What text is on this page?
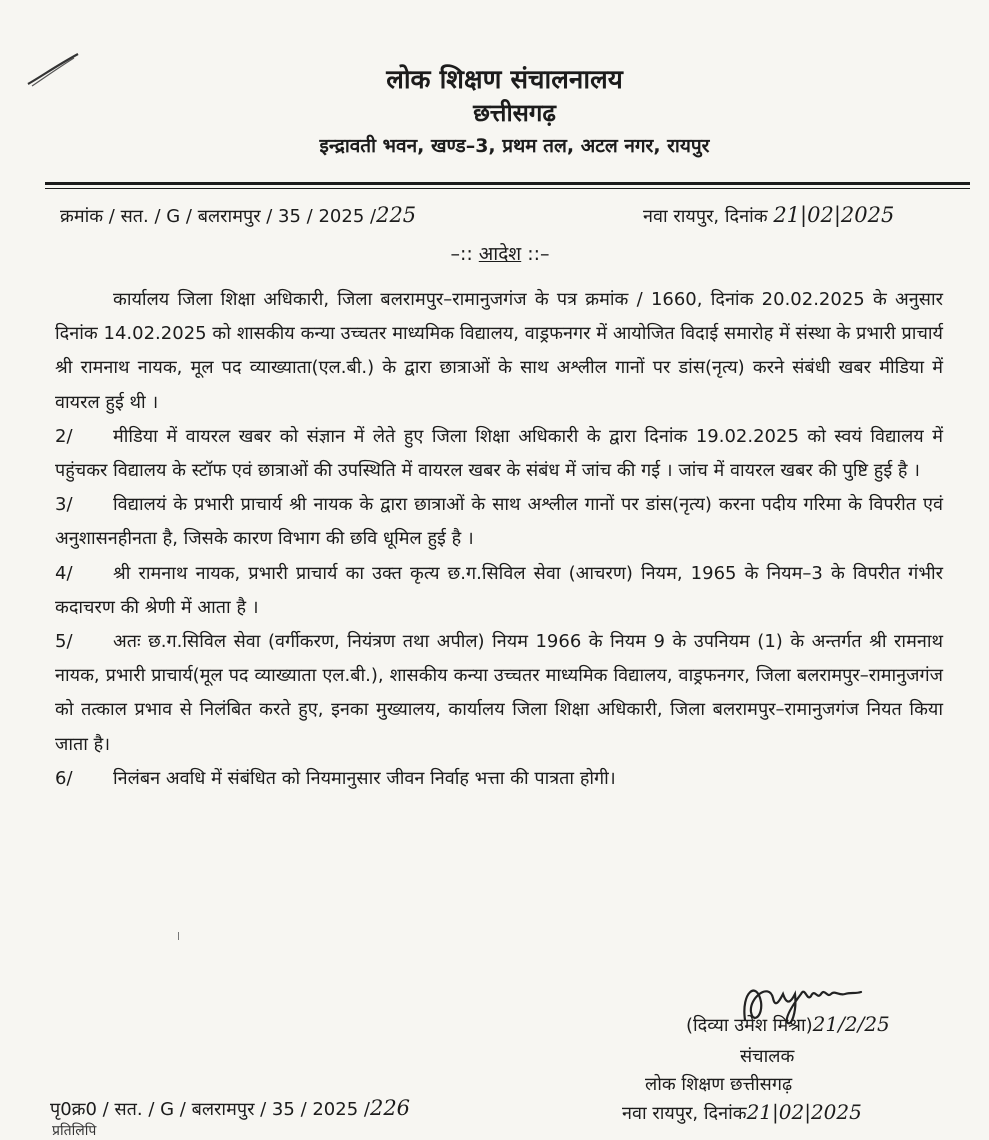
लोक शिक्षण संचालनालय
छत्तीसगढ़
इन्द्रावती भवन, खण्ड–3, प्रथम तल, अटल नगर, रायपुर
क्रमांक / सत. / G / बलरामपुर / 35 / 2025 /225	नवा रायपुर, दिनांक 21|02|2025
–:: आदेश ::–

कार्यालय जिला शिक्षा अधिकारी, जिला बलरामपुर–रामानुजगंज के पत्र क्रमांक / 1660, दिनांक 20.02.2025 के अनुसार दिनांक 14.02.2025 को शासकीय कन्या उच्चतर माध्यमिक विद्यालय, वाड्रफनगर में आयोजित विदाई समारोह में संस्था के प्रभारी प्राचार्य श्री रामनाथ नायक, मूल पद व्याख्याता(एल.बी.) के द्वारा छात्राओं के साथ अश्लील गानों पर डांस(नृत्य) करने संबंधी खबर मीडिया में वायरल हुई थी ।

2/ मीडिया में वायरल खबर को संज्ञान में लेते हुए जिला शिक्षा अधिकारी के द्वारा दिनांक 19.02.2025 को स्वयं विद्यालय में पहुंचकर विद्यालय के स्टॉफ एवं छात्राओं की उपस्थिति में वायरल खबर के संबंध में जांच की गई । जांच में वायरल खबर की पुष्टि हुई है ।

3/ विद्यालयं के प्रभारी प्राचार्य श्री नायक के द्वारा छात्राओं के साथ अश्लील गानों पर डांस(नृत्य) करना पदीय गरिमा के विपरीत एवं अनुशासनहीनता है, जिसके कारण विभाग की छवि धूमिल हुई है ।

4/ श्री रामनाथ नायक, प्रभारी प्राचार्य का उक्त कृत्य छ.ग.सिविल सेवा (आचरण) नियम, 1965 के नियम–3 के विपरीत गंभीर कदाचरण की श्रेणी में आता है ।

5/ अतः छ.ग.सिविल सेवा (वर्गीकरण, नियंत्रण तथा अपील) नियम 1966 के नियम 9 के उपनियम (1) के अन्तर्गत श्री रामनाथ नायक, प्रभारी प्राचार्य(मूल पद व्याख्याता एल.बी.), शासकीय कन्या उच्चतर माध्यमिक विद्यालय, वाड्रफनगर, जिला बलरामपुर–रामानुजगंज को तत्काल प्रभाव से निलंबित करते हुए, इनका मुख्यालय, कार्यालय जिला शिक्षा अधिकारी, जिला बलरामपुर–रामानुजगंज नियत किया जाता है।

6/ निलंबन अवधि में संबंधित को नियमानुसार जीवन निर्वाह भत्ता की पात्रता होगी।

(दिव्या उमेश मिश्रा)21/2/25
संचालक
लोक शिक्षण छत्तीसगढ़
नवा रायपुर, दिनांक21|02|2025
पृ0क्र0 / सत. / G / बलरामपुर / 35 / 2025 /226
प्रतिलिपि
